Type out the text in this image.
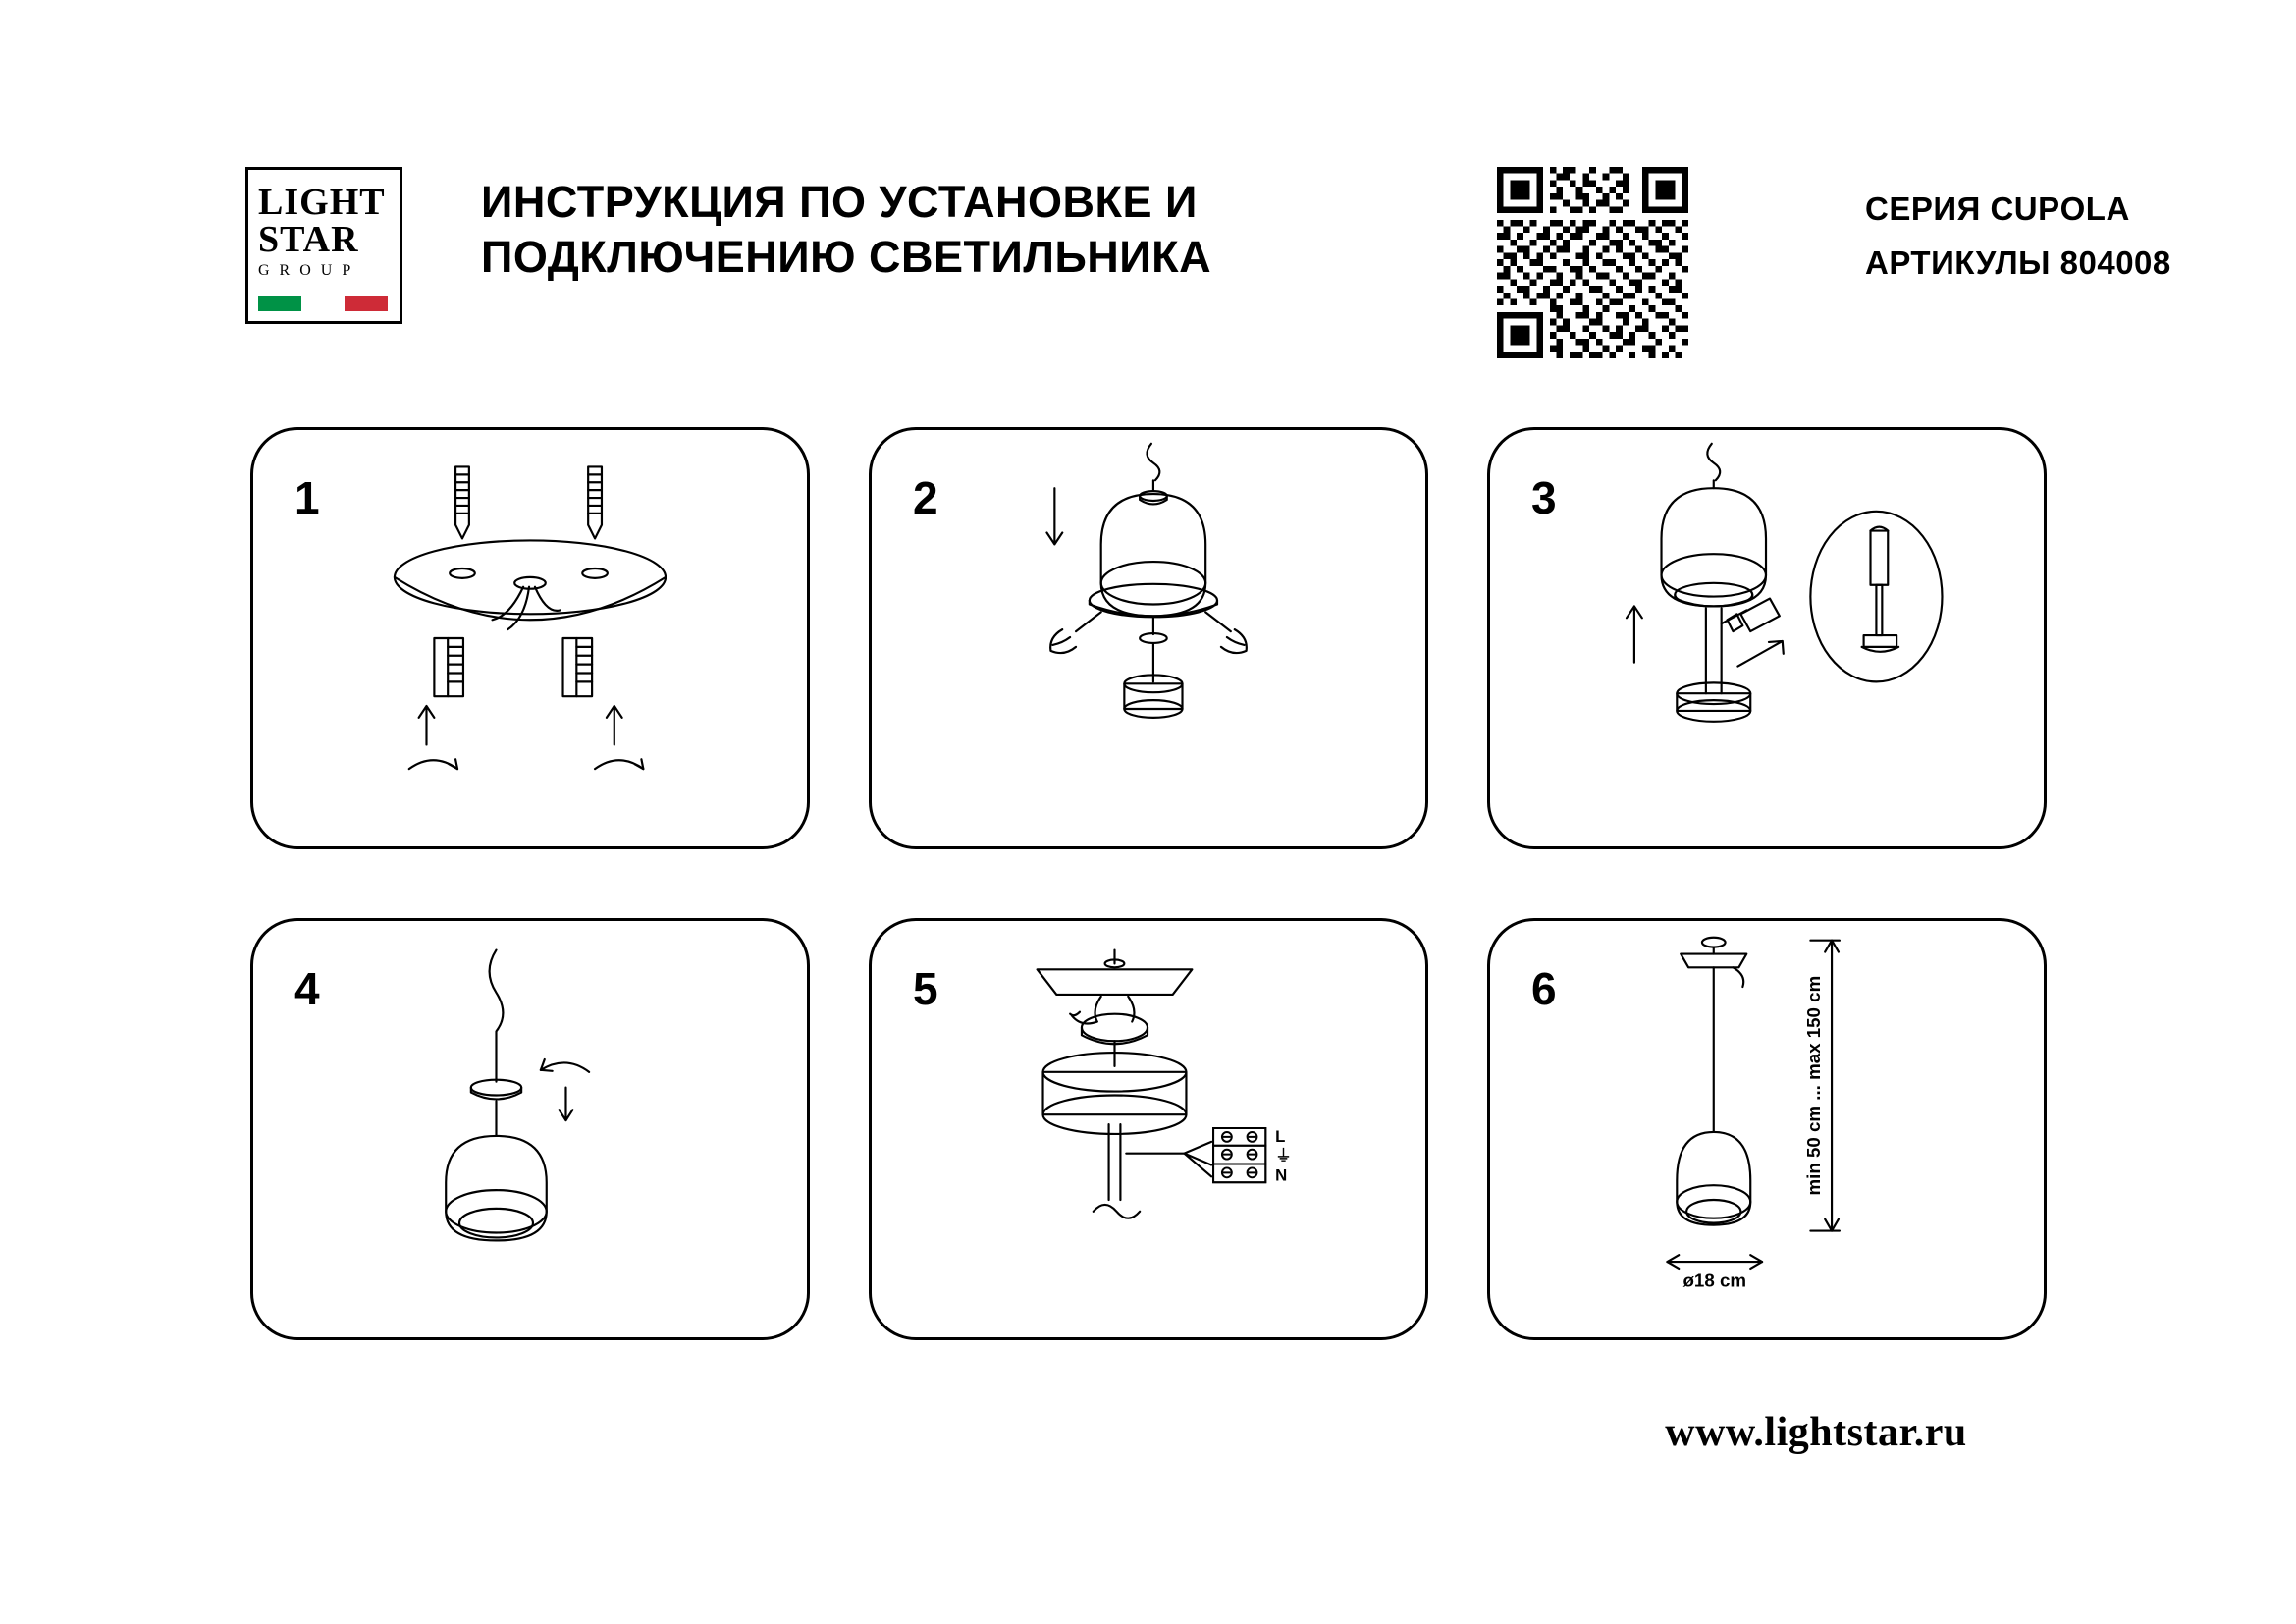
LIGHT
STAR
G R O U P
ИНСТРУКЦИЯ ПО УСТАНОВКЕ И ПОДКЛЮЧЕНИЮ СВЕТИЛЬНИКА
СЕРИЯ CUPOLA
АРТИКУЛЫ 804008
1	2	3
4	5
L
⏚
N
6	min 50 cm ... max 150 cm
ø18 cm
www.lightstar.ru
